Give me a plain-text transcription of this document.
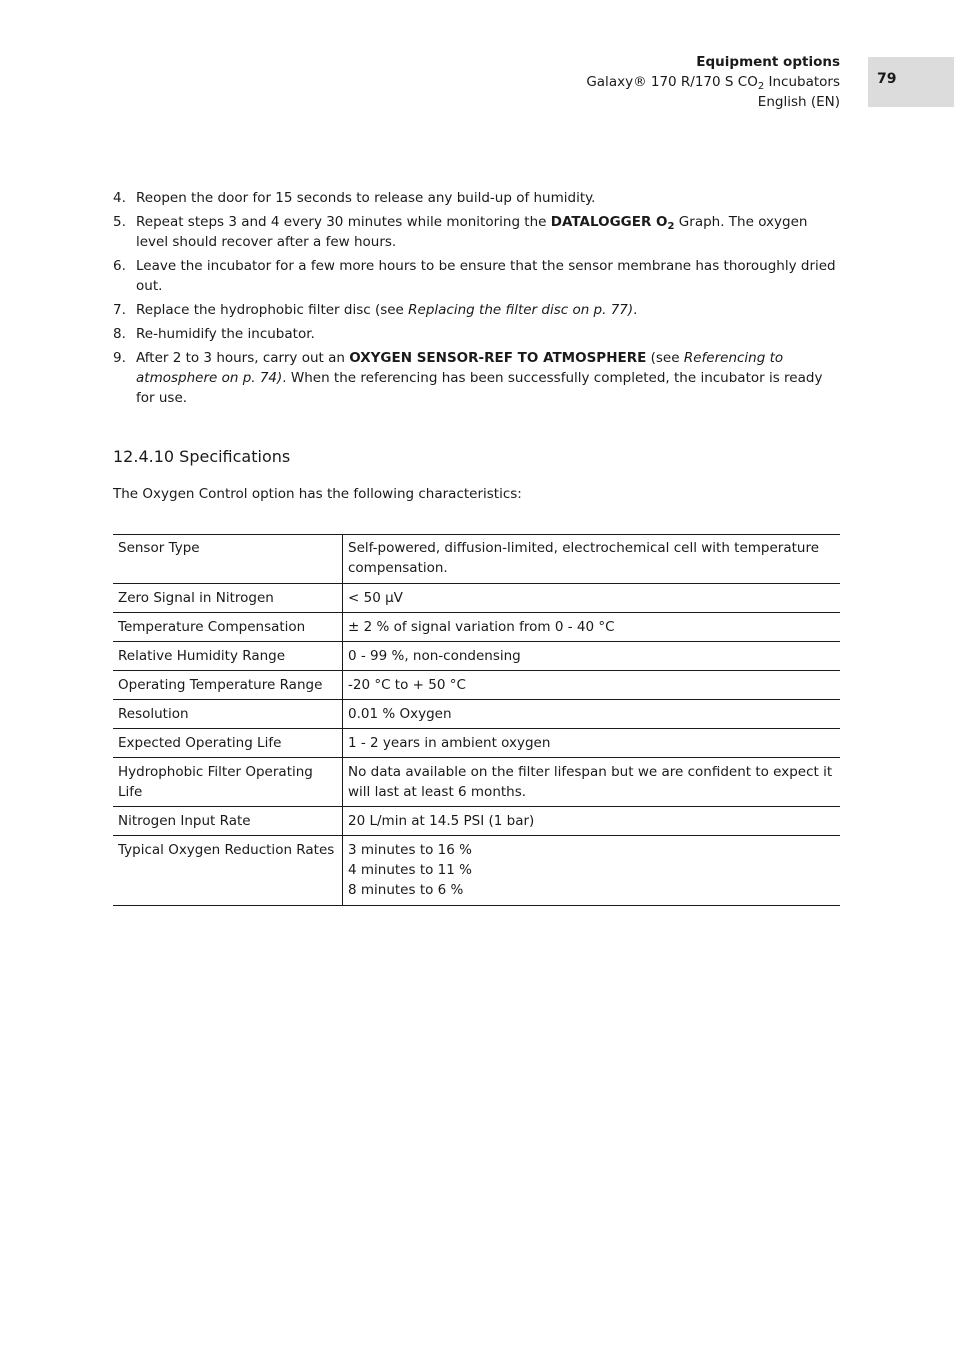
Equipment options
Galaxy® 170 R/170 S $CO_2$ Incubators
English (EN)
79
4. Reopen the door for 15 seconds to release any build-up of humidity.
5. Repeat steps 3 and 4 every 30 minutes while monitoring the DATALOGGER $O_2$ Graph. The oxygen level should recover after a few hours.
6. Leave the incubator for a few more hours to be ensure that the sensor membrane has thoroughly dried out.
7. Replace the hydrophobic filter disc (see Replacing the filter disc on p. 77).
8. Re-humidify the incubator.
9. After 2 to 3 hours, carry out an OXYGEN SENSOR-REF TO ATMOSPHERE (see Referencing to atmosphere on p. 74). When the referencing has been successfully completed, the incubator is ready for use.
12.4.10 Specifications
The Oxygen Control option has the following characteristics:
Sensor Type	Self-powered, diffusion-limited, electrochemical cell with temperature compensation.
Zero Signal in Nitrogen	< 50 µV
Temperature Compensation	± 2 % of signal variation from 0 - 40 °C
Relative Humidity Range	0 - 99 %, non-condensing
Operating Temperature Range	-20 °C to + 50 °C
Resolution	0.01 % Oxygen
Expected Operating Life	1 - 2 years in ambient oxygen
Hydrophobic Filter Operating Life	No data available on the filter lifespan but we are confident to expect it will last at least 6 months.
Nitrogen Input Rate	20 L/min at 14.5 PSI (1 bar)
Typical Oxygen Reduction Rates	3 minutes to 16 %
4 minutes to 11 %
8 minutes to 6 %
